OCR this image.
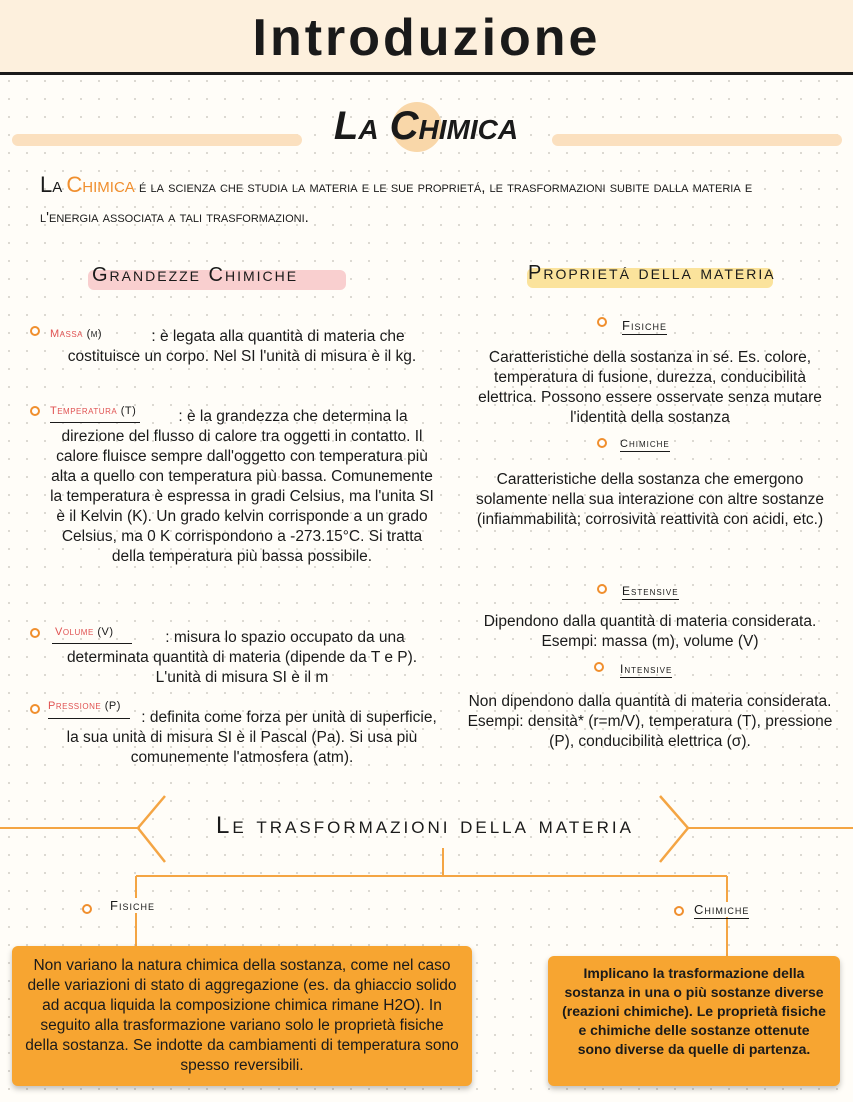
Introduzione
La Chimica
La Chimica é la scienza che studia la materia e le sue proprietá, le trasformazioni subite dalla materia e l'energia associata a tali trasformazioni.
Grandezze Chimiche
Massa (m)	: è legata alla quantità di materia che costituisce un corpo. Nel SI l'unità di misura è il kg.
Temperatura (T)	: è la grandezza che determina la direzione del flusso di calore tra oggetti in contatto. Il calore fluisce sempre dall'oggetto con temperatura più alta a quello con temperatura più bassa. Comunemente la temperatura è espressa in gradi Celsius, ma l'unita SI è il Kelvin (K). Un grado kelvin corrisponde a un grado Celsius, ma 0 K corrispondono a -273.15°C. Si tratta della temperatura più bassa possibile.
Volume (V)	: misura lo spazio occupato da una determinata quantità di materia (dipende da T e P). L'unità di misura SI è il m
Pressione (P)
: definita come forza per unità di superficie, la sua unità di misura SI è il Pascal (Pa). Si usa più comunemente l'atmosfera (atm).
Proprietá della materia
Fisiche
Caratteristiche della sostanza in sé. Es. colore, temperatura di fusione, durezza, conducibilità elettrica. Possono essere osservate senza mutare l'identità della sostanza
Chimiche
Caratteristiche della sostanza che emergono solamente nella sua interazione con altre sostanze (infiammabilità; corrosività reattività con acidi, etc.)
Estensive
Dipendono dalla quantità di materia considerata. Esempi: massa (m), volume (V)
Intensive
Non dipendono dalla quantità di materia considerata. Esempi: densità* (r=m/V), temperatura (T), pressione (P), conducibilità elettrica (σ).
Le trasformazioni della materia
Fisiche	Chimiche
Non variano la natura chimica della sostanza, come nel caso delle variazioni di stato di aggregazione (es. da ghiaccio solido ad acqua liquida la composizione chimica rimane H2O). In seguito alla trasformazione variano solo le proprietà fisiche della sostanza. Se indotte da cambiamenti di temperatura sono spesso reversibili.
Implicano la trasformazione della sostanza in una o più sostanze diverse (reazioni chimiche). Le proprietà fisiche e chimiche delle sostanze ottenute sono diverse da quelle di partenza.
